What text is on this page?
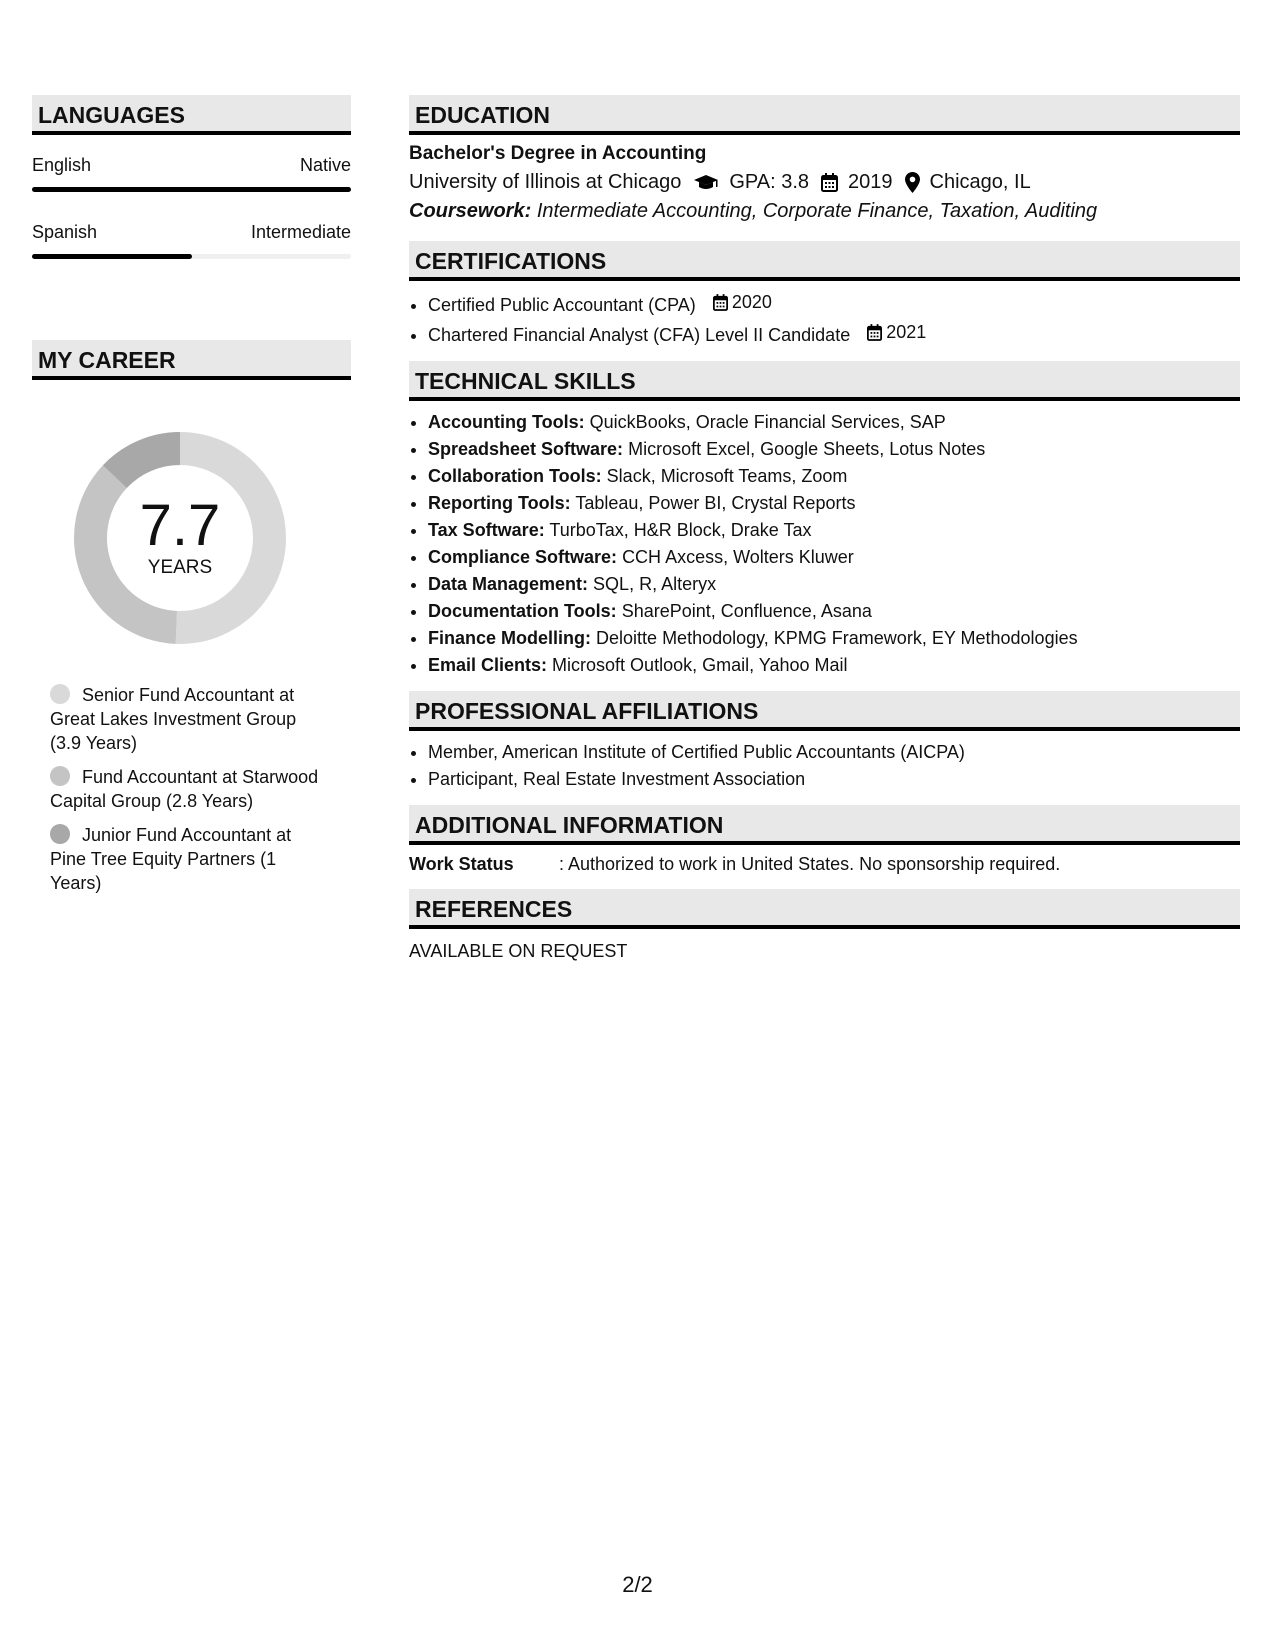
LANGUAGES
English	Native
Spanish	Intermediate
MY CAREER
7.7
YEARS
Senior Fund Accountant at Great Lakes Investment Group (3.9 Years)
Fund Accountant at Starwood Capital Group (2.8 Years)
Junior Fund Accountant at Pine Tree Equity Partners (1 Years)
EDUCATION
Bachelor's Degree in Accounting
University of Illinois at Chicago GPA: 3.8 2019 Chicago, IL
Coursework: Intermediate Accounting, Corporate Finance, Taxation, Auditing
CERTIFICATIONS
• Certified Public Accountant (CPA) 2020
• Chartered Financial Analyst (CFA) Level II Candidate 2021
TECHNICAL SKILLS
• Accounting Tools: QuickBooks, Oracle Financial Services, SAP
• Spreadsheet Software: Microsoft Excel, Google Sheets, Lotus Notes
• Collaboration Tools: Slack, Microsoft Teams, Zoom
• Reporting Tools: Tableau, Power BI, Crystal Reports
• Tax Software: TurboTax, H&R Block, Drake Tax
• Compliance Software: CCH Axcess, Wolters Kluwer
• Data Management: SQL, R, Alteryx
• Documentation Tools: SharePoint, Confluence, Asana
• Finance Modelling: Deloitte Methodology, KPMG Framework, EY Methodologies
• Email Clients: Microsoft Outlook, Gmail, Yahoo Mail
PROFESSIONAL AFFILIATIONS
• Member, American Institute of Certified Public Accountants (AICPA)
• Participant, Real Estate Investment Association
ADDITIONAL INFORMATION
Work Status	: Authorized to work in United States. No sponsorship required.
REFERENCES
AVAILABLE ON REQUEST
2/2
